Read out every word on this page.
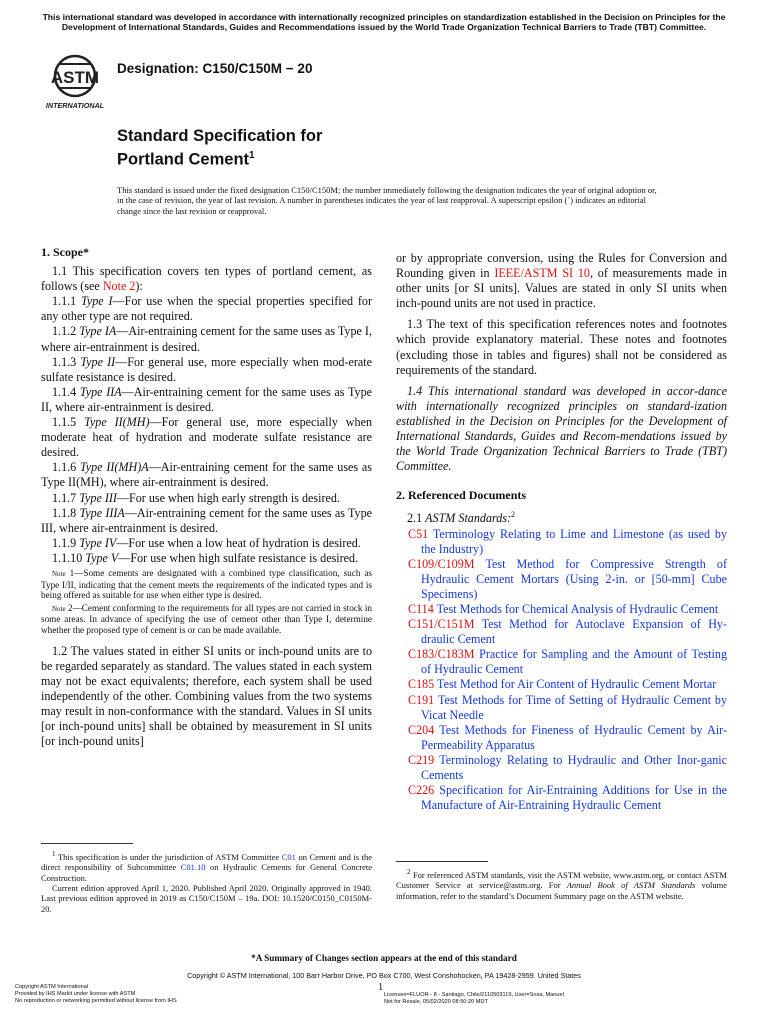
This international standard was developed in accordance with internationally recognized principles on standardization established in the Decision on Principles for the Development of International Standards, Guides and Recommendations issued by the World Trade Organization Technical Barriers to Trade (TBT) Committee.
ASTM
INTERNATIONAL
Designation: C150/C150M − 20
Standard Specification for
Portland Cement$^1$
This standard is issued under the fixed designation C150/C150M; the number immediately following the designation indicates the year of original adoption or, in the case of revision, the year of last revision. A number in parentheses indicates the year of last reapproval. A superscript epsilon (´) indicates an editorial change since the last revision or reapproval.
1. Scope*

1.1 This specification covers ten types of portland cement, as follows (see Note 2):

1.1.1 Type I—For use when the special properties specified for any other type are not required.

1.1.2 Type IA—Air-entraining cement for the same uses as Type I, where air-entrainment is desired.

1.1.3 Type II—For general use, more especially when mod-erate sulfate resistance is desired.

1.1.4 Type IIA—Air-entraining cement for the same uses as Type II, where air-entrainment is desired.

1.1.5 Type II(MH)—For general use, more especially when moderate heat of hydration and moderate sulfate resistance are desired.

1.1.6 Type II(MH)A—Air-entraining cement for the same uses as Type II(MH), where air-entrainment is desired.

1.1.7 Type III—For use when high early strength is desired.

1.1.8 Type IIIA—Air-entraining cement for the same uses as Type III, where air-entrainment is desired.

1.1.9 Type IV—For use when a low heat of hydration is desired.

1.1.10 Type V—For use when high sulfate resistance is desired.

Note 1—Some cements are designated with a combined type classification, such as Type I/II, indicating that the cement meets the requirements of the indicated types and is being offered as suitable for use when either type is desired.

Note 2—Cement conforming to the requirements for all types are not carried in stock in some areas. In advance of specifying the use of cement other than Type I, determine whether the proposed type of cement is or can be made available.

1.2 The values stated in either SI units or inch-pound units are to be regarded separately as standard. The values stated in each system may not be exact equivalents; therefore, each system shall be used independently of the other. Combining values from the two systems may result in non-conformance with the standard. Values in SI units [or inch-pound units] shall be obtained by measurement in SI units [or inch-pound units]

$^1$ This specification is under the jurisdiction of ASTM Committee C01 on Cement and is the direct responsibility of Subcommittee C01.10 on Hydraulic Cements for General Concrete Construction.

Current edition approved April 1, 2020. Published April 2020. Originally approved in 1940. Last previous edition approved in 2019 as C150/C150M – 19a. DOI: 10.1520/C0150_C0150M-20.

or by appropriate conversion, using the Rules for Conversion and Rounding given in IEEE/ASTM SI 10, of measurements made in other units [or SI units]. Values are stated in only SI units when inch-pound units are not used in practice.

1.3 The text of this specification references notes and footnotes which provide explanatory material. These notes and footnotes (excluding those in tables and figures) shall not be considered as requirements of the standard.

1.4 This international standard was developed in accor-dance with internationally recognized principles on standard-ization established in the Decision on Principles for the Development of International Standards, Guides and Recom-mendations issued by the World Trade Organization Technical Barriers to Trade (TBT) Committee.

2. Referenced Documents

2.1 ASTM Standards:$^2$

C51 Terminology Relating to Lime and Limestone (as used by the Industry)

C109/C109M Test Method for Compressive Strength of Hydraulic Cement Mortars (Using 2-in. or [50-mm] Cube Specimens)

C114 Test Methods for Chemical Analysis of Hydraulic Cement

C151/C151M Test Method for Autoclave Expansion of Hy-draulic Cement

C183/C183M Practice for Sampling and the Amount of Testing of Hydraulic Cement

C185 Test Method for Air Content of Hydraulic Cement Mortar

C191 Test Methods for Time of Setting of Hydraulic Cement by Vicat Needle

C204 Test Methods for Fineness of Hydraulic Cement by Air-Permeability Apparatus

C219 Terminology Relating to Hydraulic and Other Inor-ganic Cements

C226 Specification for Air-Entraining Additions for Use in the Manufacture of Air-Entraining Hydraulic Cement

$^2$ For referenced ASTM standards, visit the ASTM website, www.astm.org, or contact ASTM Customer Service at service@astm.org. For Annual Book of ASTM Standards volume information, refer to the standard’s Document Summary page on the ASTM website.

*A Summary of Changes section appears at the end of this standard
Copyright © ASTM International, 100 Barr Harbor Drive, PO Box C700, West Conshohocken, PA 19428-2959. United States
Copyright ASTM International
Provided by IHS Markit under license with ASTM
No reproduction or networking permitted without license from IHS
1
Licensee=FLUOR - 8 - Santiago, Chile/2110503119, User=Sosa, Manuel
Not for Resale, 05/02/2020 08:50:20 MDT
